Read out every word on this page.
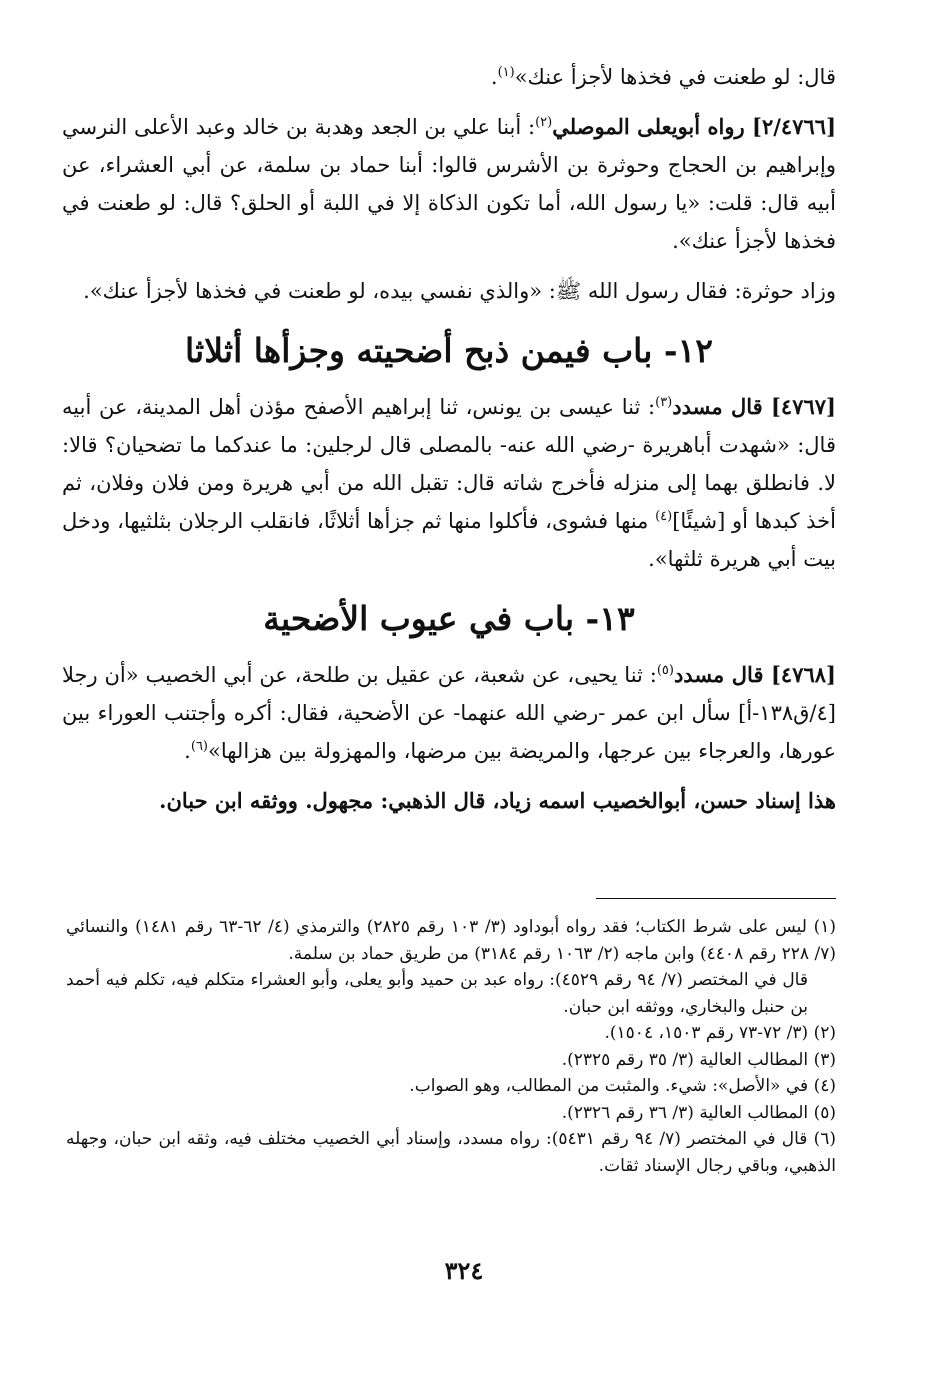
قال: لو طعنت في فخذها لأجزأ عنك»$^{(١)}$.

[٢/٤٧٦٦] رواه أبويعلى الموصلي$^{(٢)}$: أبنا علي بن الجعد وهدبة بن خالد وعبد الأعلى النرسي وإبراهيم بن الحجاج وحوثرة بن الأشرس قالوا: أبنا حماد بن سلمة، عن أبي العشراء، عن أبيه قال: قلت: «يا رسول الله، أما تكون الذكاة إلا في اللبة أو الحلق؟ قال: لو طعنت في فخذها لأجزأ عنك».

وزاد حوثرة: فقال رسول الله ﷺ: «والذي نفسي بيده، لو طعنت في فخذها لأجزأ عنك».

١٢- باب فيمن ذبح أضحيته وجزأها أثلاثا

[٤٧٦٧] قال مسدد$^{(٣)}$: ثنا عيسى بن يونس، ثنا إبراهيم الأصفح مؤذن أهل المدينة، عن أبيه قال: «شهدت أباهريرة -رضي الله عنه- بالمصلى قال لرجلين: ما عندكما ما تضحيان؟ قالا: لا. فانطلق بهما إلى منزله فأخرج شاته قال: تقبل الله من أبي هريرة ومن فلان وفلان، ثم أخذ كبدها أو [شيئًا]$^{(٤)}$ منها فشوى، فأكلوا منها ثم جزأها أثلاثًا، فانقلب الرجلان بثلثيها، ودخل بيت أبي هريرة ثلثها».

١٣- باب في عيوب الأضحية

[٤٧٦٨] قال مسدد$^{(٥)}$: ثنا يحيى، عن شعبة، عن عقيل بن طلحة، عن أبي الخصيب «أن رجلا [٤/ق١٣٨-أ] سأل ابن عمر -رضي الله عنهما- عن الأضحية، فقال: أكره وأجتنب العوراء بين عورها، والعرجاء بين عرجها، والمريضة بين مرضها، والمهزولة بين هزالها»$^{(٦)}$.

هذا إسناد حسن، أبوالخصيب اسمه زياد، قال الذهبي: مجهول. ووثقه ابن حبان.

(١) ليس على شرط الكتاب؛ فقد رواه أبوداود (٣/ ١٠٣ رقم ٢٨٢٥) والترمذي (٤/ ٦٢-٦٣ رقم ١٤٨١) والنسائي (٧/ ٢٢٨ رقم ٤٤٠٨) وابن ماجه (٢/ ١٠٦٣ رقم ٣١٨٤) من طريق حماد بن سلمة.

قال في المختصر (٧/ ٩٤ رقم ٤٥٢٩): رواه عبد بن حميد وأبو يعلى، وأبو العشراء متكلم فيه، تكلم فيه أحمد بن حنبل والبخاري، ووثقه ابن حبان.

(٢) (٣/ ٧٢-٧٣ رقم ١٥٠٣، ١٥٠٤).

(٣) المطالب العالية (٣/ ٣٥ رقم ٢٣٢٥).

(٤) في «الأصل»: شيء. والمثبت من المطالب، وهو الصواب.

(٥) المطالب العالية (٣/ ٣٦ رقم ٢٣٢٦).

(٦) قال في المختصر (٧/ ٩٤ رقم ٥٤٣١): رواه مسدد، وإسناد أبي الخصيب مختلف فيه، وثقه ابن حبان، وجهله الذهبي، وباقي رجال الإسناد ثقات.

٣٢٤
